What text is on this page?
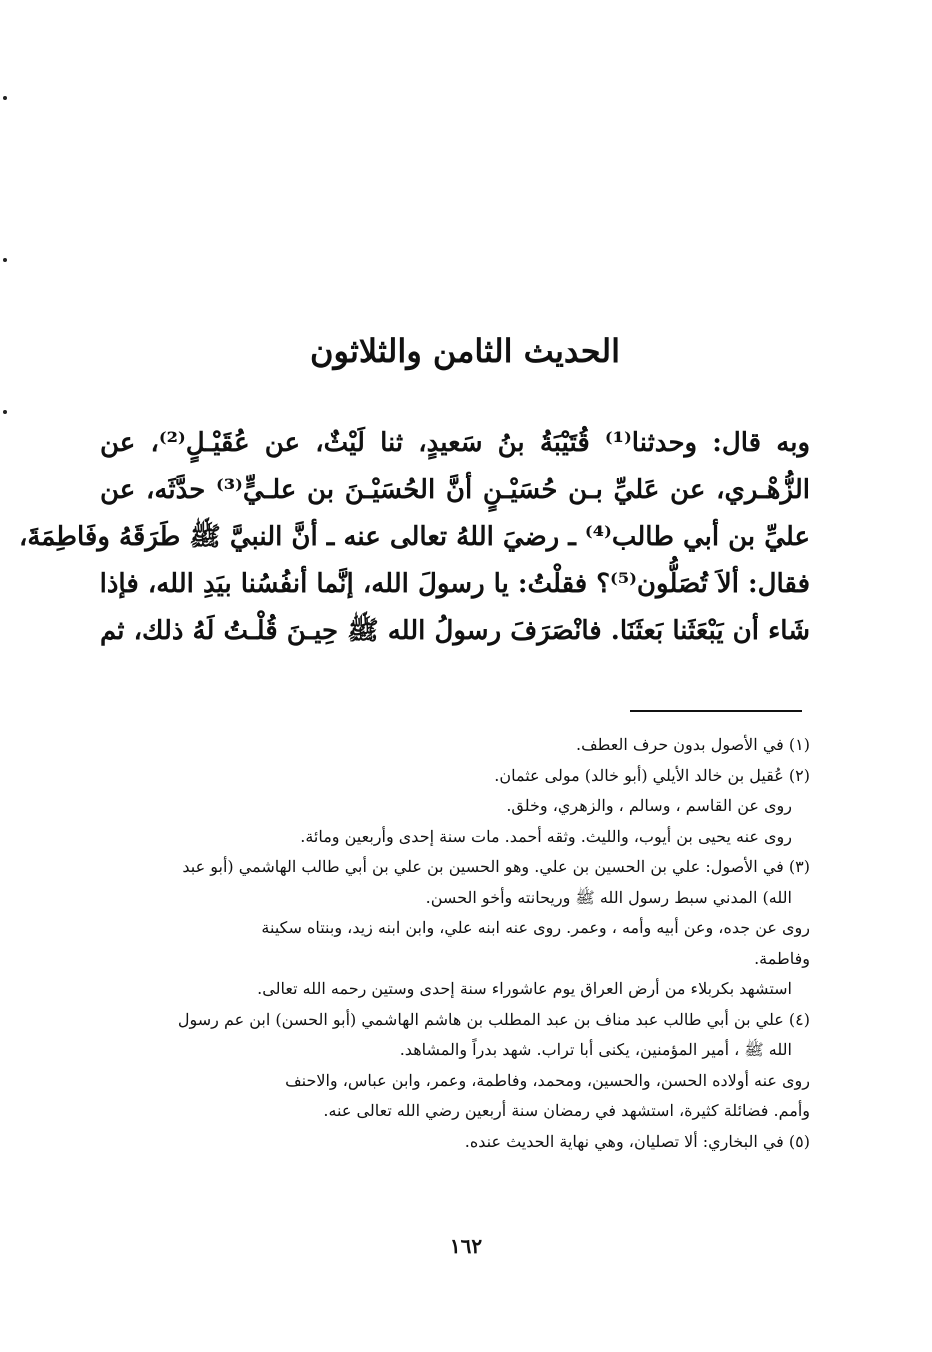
الحديث الثامن والثلاثون
وبه قال: وحدثنا⁽¹⁾ قُتَيْبَةُ بنُ سَعيدٍ، ثنا لَيْثٌ، عن عُقَيْـلٍ⁽²⁾، عن
الزُّهْـري، عن عَليِّ بـن حُسَيْـنٍ أنَّ الحُسَيْـنَ بن علـيٍّ⁽³⁾ حدَّثَه، عن
عليِّ بن أبي طالب⁽⁴⁾ ـ رضيَ اللهُ تعالى عنه ـ أنَّ النبيَّ ﷺ طَرَقَهُ وفَاطِمَةَ،
فقال: ألاَ تُصَلُّون⁽⁵⁾؟ فقلْتُ: يا رسولَ الله، إنَّما أنفُسُنا بيَدِ الله، فإذا
شَاء أن يَبْعَثَنا بَعثَنَا. فانْصَرَفَ رسولُ الله ﷺ حِيـنَ قُلْـتُ لَهُ ذلك، ثم
(١) في الأصول بدون حرف العطف.
(٢) عُقيل بن خالد الأيلي (أبو خالد) مولى عثمان.
روى عن القاسم ، وسالم ، والزهري، وخلق.
روى عنه يحيى بن أيوب، والليث. وثقه أحمد. مات سنة إحدى وأربعين ومائة.
(٣) في الأصول: علي بن الحسين بن علي. وهو الحسين بن علي بن أبي طالب الهاشمي (أبو عبد
الله) المدني سبط رسول الله ﷺ وريحانته وأخو الحسن.
روى عن جده، وعن أبيه وأمه ، وعمر. روى عنه ابنه علي، وابن ابنه زيد، وبنتاه سكينة
وفاطمة.
استشهد بكربلاء من أرض العراق يوم عاشوراء سنة إحدى وستين رحمه الله تعالى.
(٤) علي بن أبي طالب عبد مناف بن عبد المطلب بن هاشم الهاشمي (أبو الحسن) ابن عم رسول
الله ﷺ ، أمير المؤمنين، يكنى أبا تراب. شهد بدراً والمشاهد.
روى عنه أولاده الحسن، والحسين، ومحمد، وفاطمة، وعمر، وابن عباس، والاحنف
وأمم. فضائلة كثيرة، استشهد في رمضان سنة أربعين رضي الله تعالى عنه.
(٥) في البخاري: ألا تصليان، وهي نهاية الحديث عنده.
١٦٢
